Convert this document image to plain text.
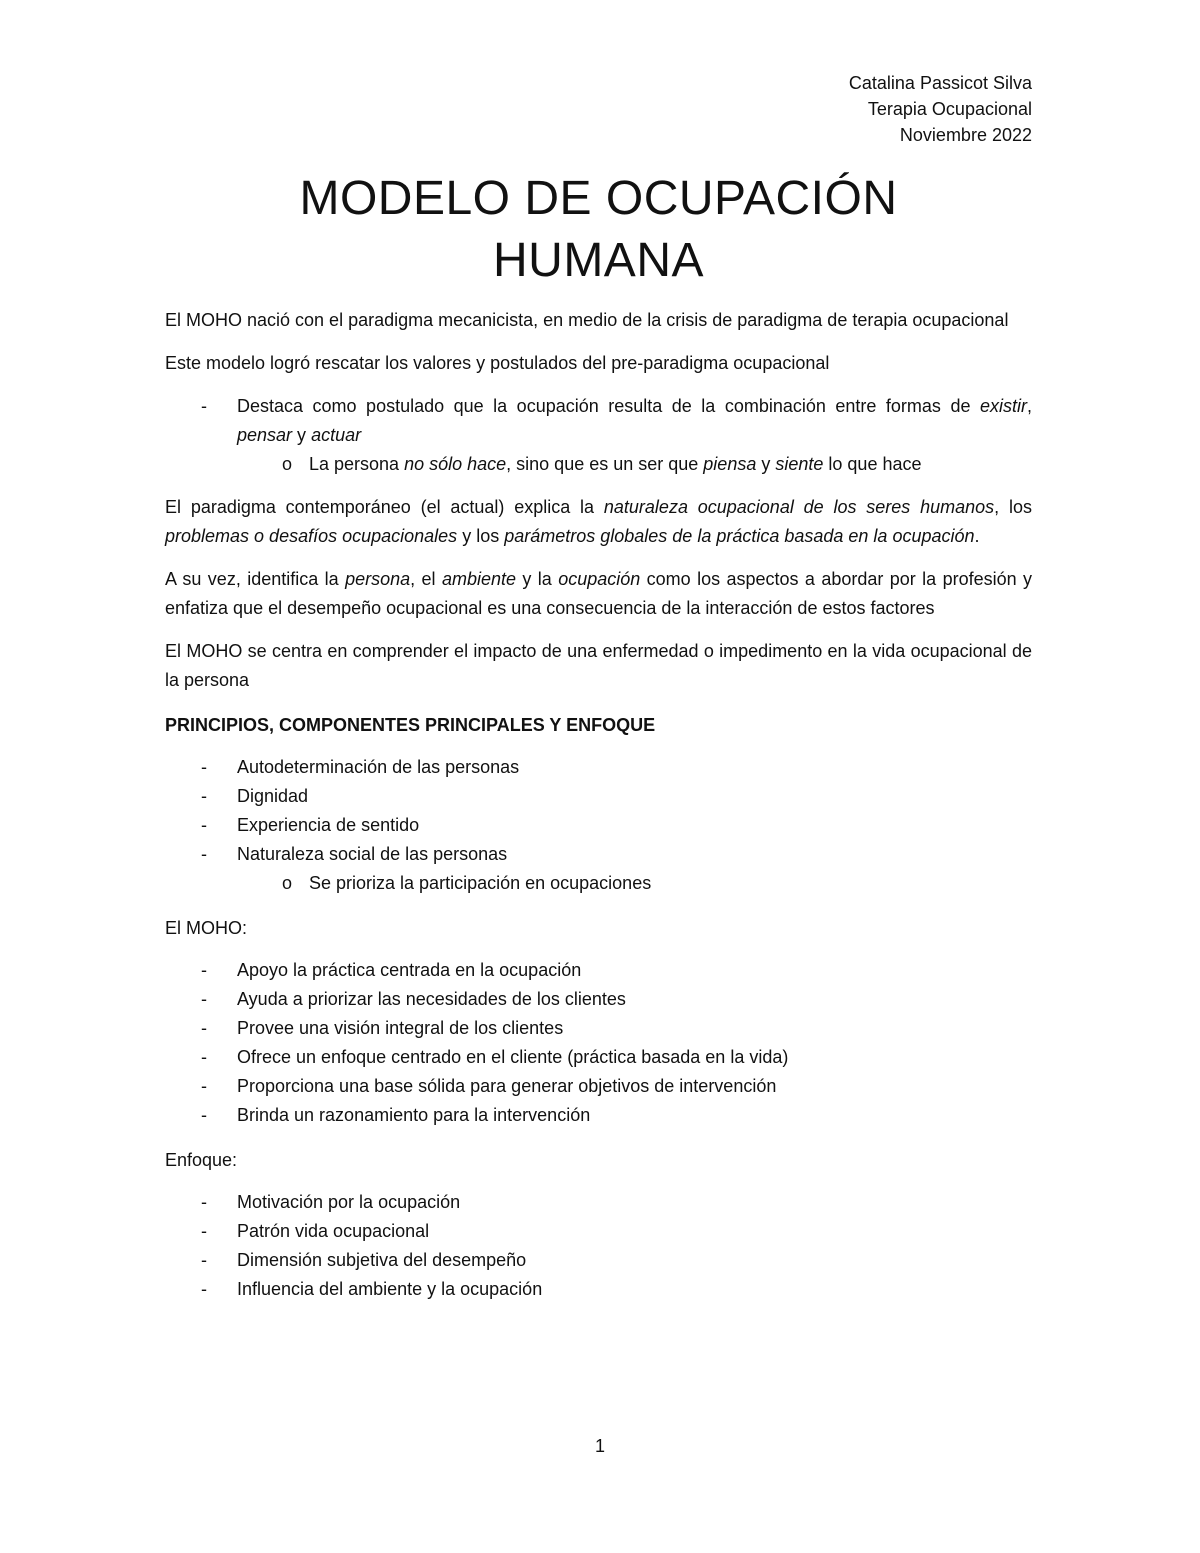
Catalina Passicot Silva
Terapia Ocupacional
Noviembre 2022
MODELO DE OCUPACIÓN
HUMANA

El MOHO nació con el paradigma mecanicista, en medio de la crisis de paradigma de terapia ocupacional

Este modelo logró rescatar los valores y postulados del pre-paradigma ocupacional

- Destaca como postulado que la ocupación resulta de la combinación entre formas de existir, pensar y actuar
o La persona no sólo hace, sino que es un ser que piensa y siente lo que hace

El paradigma contemporáneo (el actual) explica la naturaleza ocupacional de los seres humanos, los problemas o desafíos ocupacionales y los parámetros globales de la práctica basada en la ocupación.

A su vez, identifica la persona, el ambiente y la ocupación como los aspectos a abordar por la profesión y enfatiza que el desempeño ocupacional es una consecuencia de la interacción de estos factores

El MOHO se centra en comprender el impacto de una enfermedad o impedimento en la vida ocupacional de la persona

PRINCIPIOS, COMPONENTES PRINCIPALES Y ENFOQUE
- Autodeterminación de las personas
- Dignidad
- Experiencia de sentido
- Naturaleza social de las personas
o Se prioriza la participación en ocupaciones
El MOHO:
- Apoyo la práctica centrada en la ocupación
- Ayuda a priorizar las necesidades de los clientes
- Provee una visión integral de los clientes
- Ofrece un enfoque centrado en el cliente (práctica basada en la vida)
- Proporciona una base sólida para generar objetivos de intervención
- Brinda un razonamiento para la intervención
Enfoque:
- Motivación por la ocupación
- Patrón vida ocupacional
- Dimensión subjetiva del desempeño
- Influencia del ambiente y la ocupación
1
